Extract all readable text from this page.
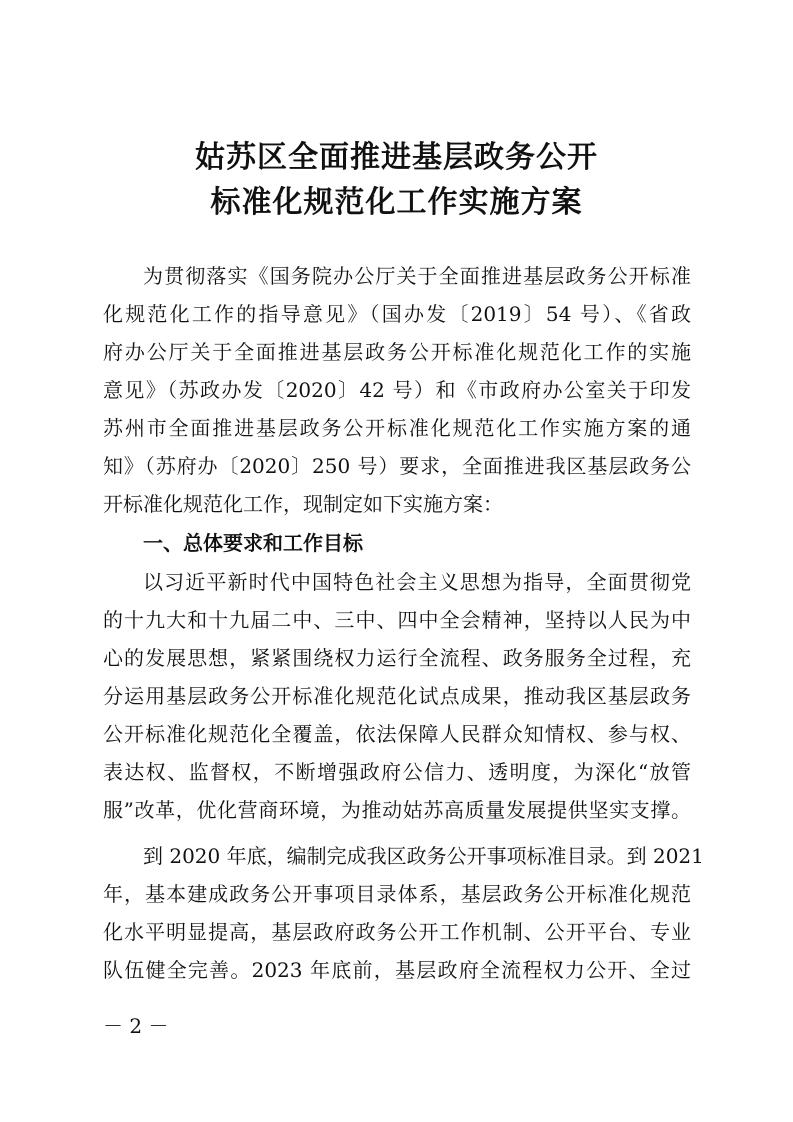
姑苏区全面推进基层政务公开
标准化规范化工作实施方案
为贯彻落实《国务院办公厅关于全面推进基层政务公开标准
化规范化工作的指导意见》（国办发〔2019〕54 号）、《省政
府办公厅关于全面推进基层政务公开标准化规范化工作的实施
意见》（苏政办发〔2020〕42 号）和《市政府办公室关于印发
苏州市全面推进基层政务公开标准化规范化工作实施方案的通
知》（苏府办〔2020〕250 号）要求，全面推进我区基层政务公
开标准化规范化工作，现制定如下实施方案：
一、总体要求和工作目标
以习近平新时代中国特色社会主义思想为指导，全面贯彻党
的十九大和十九届二中、三中、四中全会精神，坚持以人民为中
心的发展思想，紧紧围绕权力运行全流程、政务服务全过程，充
分运用基层政务公开标准化规范化试点成果，推动我区基层政务
公开标准化规范化全覆盖，依法保障人民群众知情权、参与权、
表达权、监督权，不断增强政府公信力、透明度，为深化“放管
服”改革，优化营商环境，为推动姑苏高质量发展提供坚实支撑。
到 2020 年底，编制完成我区政务公开事项标准目录。到 2021
年，基本建成政务公开事项目录体系，基层政务公开标准化规范
化水平明显提高，基层政府政务公开工作机制、公开平台、专业
队伍健全完善。2023 年底前，基层政府全流程权力公开、全过
－ 2 －
